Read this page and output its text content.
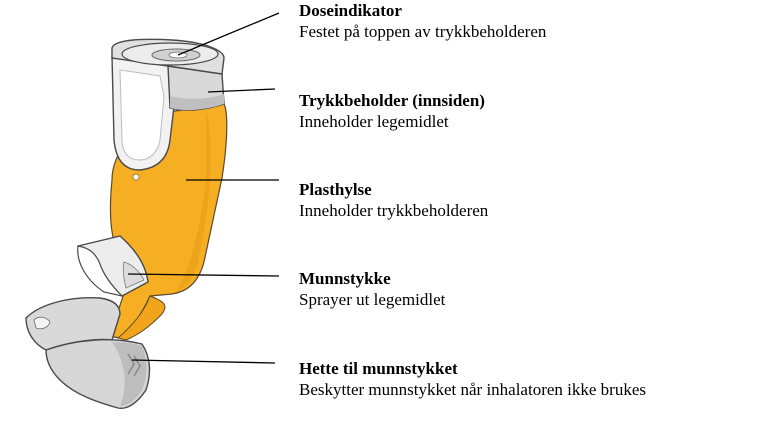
Doseindikator
Festet på toppen av trykkbeholderen
Trykkbeholder (innsiden)
Inneholder legemidlet
Plasthylse
Inneholder trykkbeholderen
Munnstykke
Sprayer ut legemidlet
Hette til munnstykket
Beskytter munnstykket når inhalatoren ikke brukes
